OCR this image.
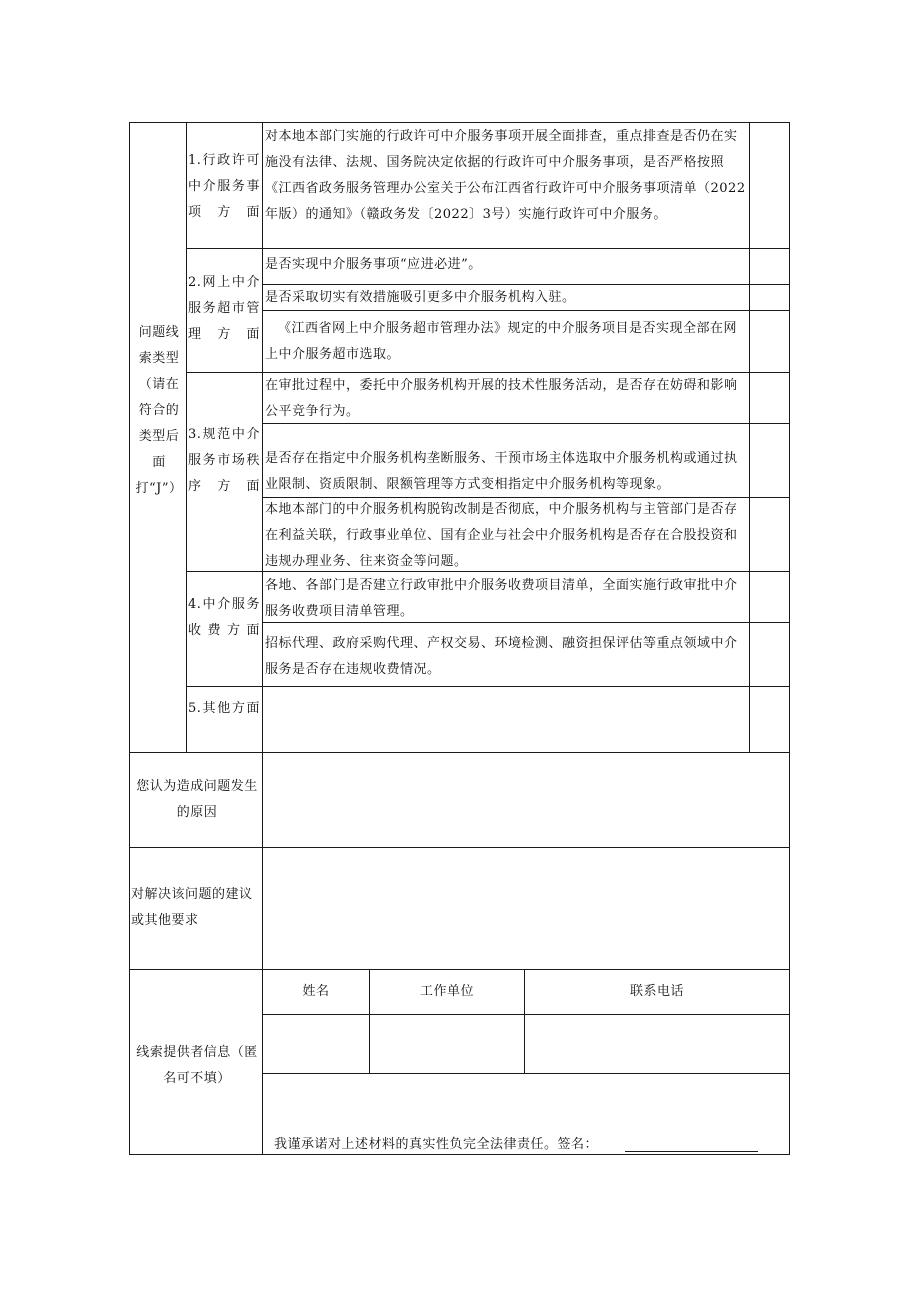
问题线索类型（请在符合的类型后面打“J”）
1.行政许可中介服务事项方面
2.网上中介服务超市管理方面
3.规范中介服务市场秩序方面
4.中介服务收费方面
5.其他方面
对本地本部门实施的行政许可中介服务事项开展全面排查，重点排查是否仍在实施没有法律、法规、国务院决定依据的行政许可中介服务事项，是否严格按照《江西省政务服务管理办公室关于公布江西省行政许可中介服务事项清单（2022年版）的通知》（赣政务发〔2022〕3号）实施行政许可中介服务。
是否实现中介服务事项“应进必进”。
是否采取切实有效措施吸引更多中介服务机构入驻。
《江西省网上中介服务超市管理办法》规定的中介服务项目是否实现全部在网上中介服务超市选取。
在审批过程中，委托中介服务机构开展的技术性服务活动，是否存在妨碍和影响公平竞争行为。
是否存在指定中介服务机构垄断服务、干预市场主体选取中介服务机构或通过执业限制、资质限制、限额管理等方式变相指定中介服务机构等现象。
本地本部门的中介服务机构脱钩改制是否彻底，中介服务机构与主管部门是否存在利益关联，行政事业单位、国有企业与社会中介服务机构是否存在合股投资和违规办理业务、往来资金等问题。
各地、各部门是否建立行政审批中介服务收费项目清单，全面实施行政审批中介服务收费项目清单管理。
招标代理、政府采购代理、产权交易、环境检测、融资担保评估等重点领域中介服务是否存在违规收费情况。
您认为造成问题发生的原因
对解决该问题的建议或其他要求
线索提供者信息（匿名可不填）
姓名	工作单位	联系电话
我谨承诺对上述材料的真实性负完全法律责任。签名：
